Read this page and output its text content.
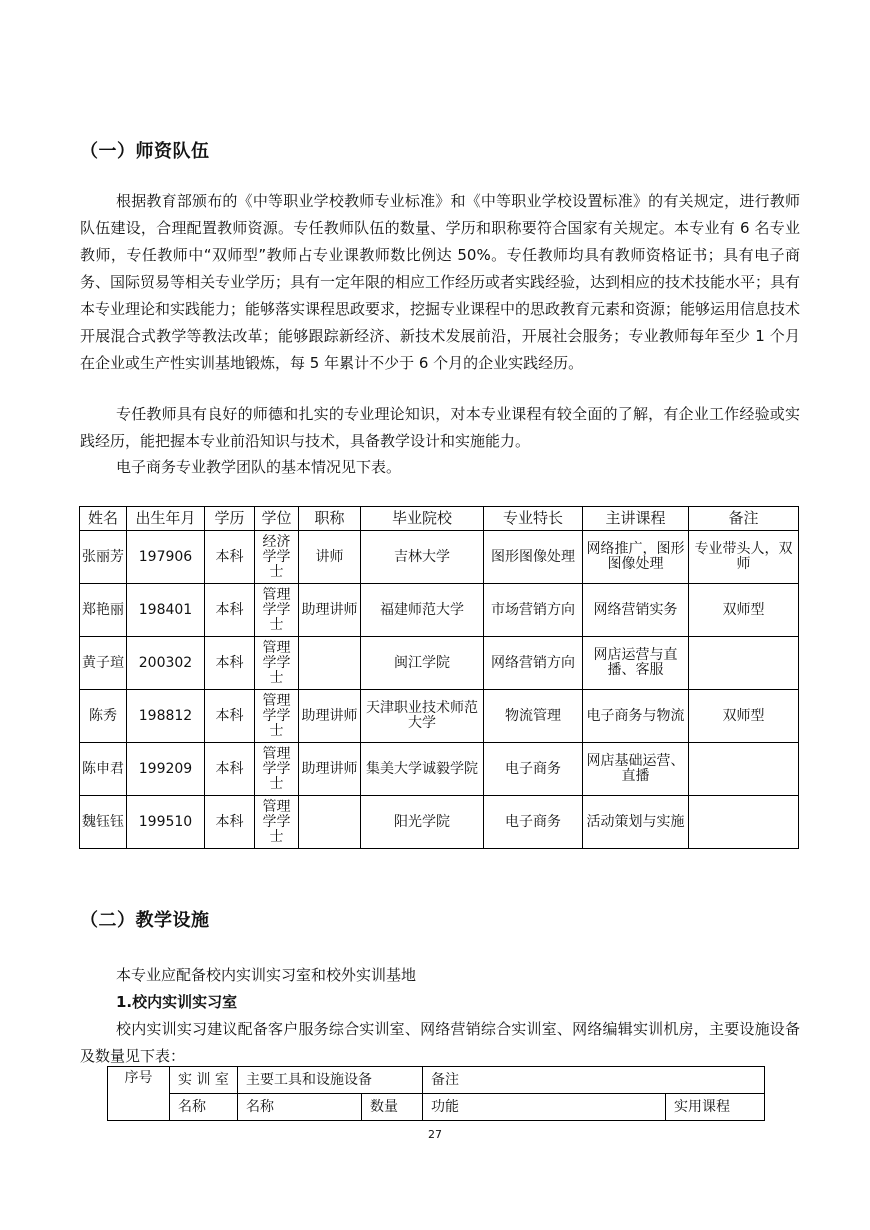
（一）师资队伍

根据教育部颁布的《中等职业学校教师专业标准》和《中等职业学校设置标准》的有关规定，进行教师队伍建设，合理配置教师资源。专任教师队伍的数量、学历和职称要符合国家有关规定。本专业有 6 名专业教师，专任教师中“双师型”教师占专业课教师数比例达 50%。专任教师均具有教师资格证书；具有电子商务、国际贸易等相关专业学历；具有一定年限的相应工作经历或者实践经验，达到相应的技术技能水平；具有本专业理论和实践能力；能够落实课程思政要求，挖掘专业课程中的思政教育元素和资源；能够运用信息技术开展混合式教学等教法改革；能够跟踪新经济、新技术发展前沿，开展社会服务；专业教师每年至少 1 个月在企业或生产性实训基地锻炼，每 5 年累计不少于 6 个月的企业实践经历。

专任教师具有良好的师德和扎实的专业理论知识，对本专业课程有较全面的了解，有企业工作经验或实践经历，能把握本专业前沿知识与技术，具备教学设计和实施能力。

电子商务专业教学团队的基本情况见下表。

姓名	出生年月	学历	学位	职称	毕业院校	专业特长	主讲课程	备注
张丽芳	197906	本科	经济学学士	讲师	吉林大学	图形图像处理	网络推广，图形图像处理	专业带头人，双师
郑艳丽	198401	本科	管理学学士	助理讲师	福建师范大学	市场营销方向	网络营销实务	双师型
黄子瑄	200302	本科	管理学学士		闽江学院	网络营销方向	网店运营与直播、客服	
陈秀	198812	本科	管理学学士	助理讲师	天津职业技术师范大学	物流管理	电子商务与物流	双师型
陈申君	199209	本科	管理学学士	助理讲师	集美大学诚毅学院	电子商务	网店基础运营、直播	
魏钰钰	199510	本科	管理学学士		阳光学院	电子商务	活动策划与实施	
（二）教学设施

本专业应配备校内实训实习室和校外实训基地

1.校内实训实习室

校内实训实习建议配备客户服务综合实训室、网络营销综合实训室、网络编辑实训机房，主要设施设备及数量见下表：

序号	实 训 室	主要工具和设施设备		备注	
	名称	名称	数量	功能	实用课程
27
